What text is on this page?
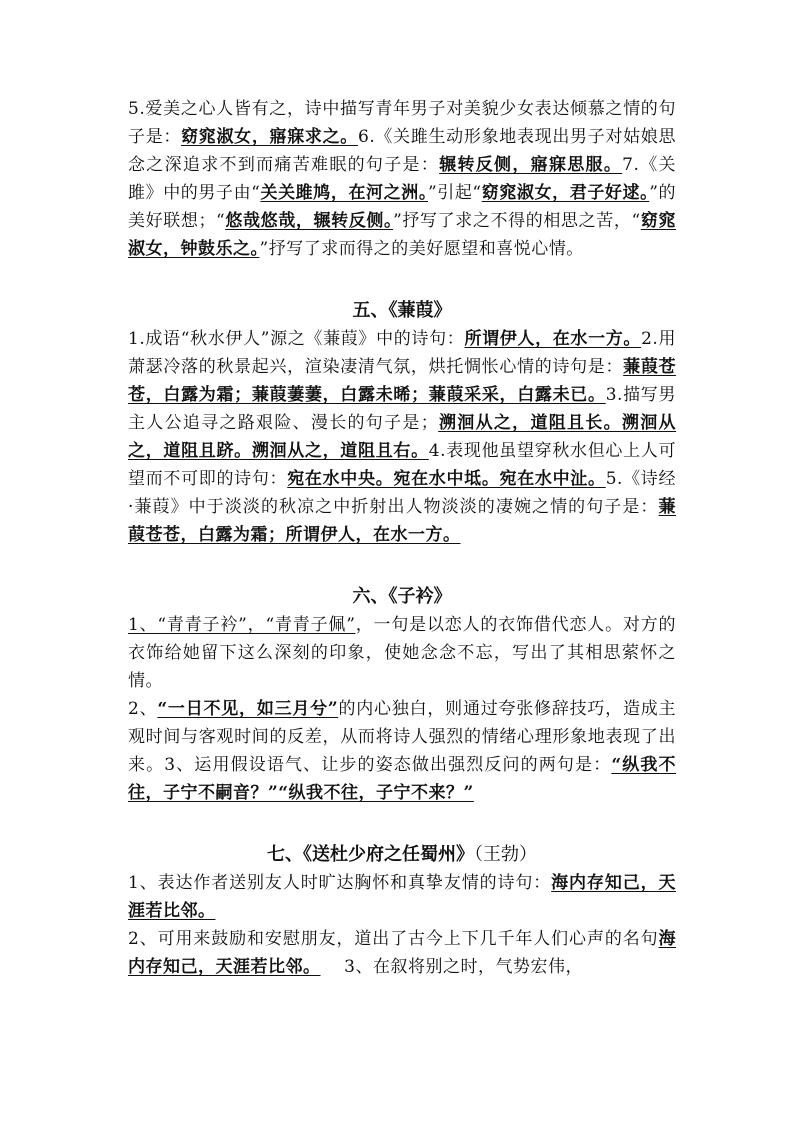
5.爱美之心人皆有之，诗中描写青年男子对美貌少女表达倾慕之情的句子是：窈窕淑女，寤寐求之。6.《关雎生动形象地表现出男子对姑娘思念之深追求不到而痛苦难眠的句子是：辗转反侧，寤寐思服。7.《关雎》中的男子由“关关雎鸠，在河之洲。”引起“窈窕淑女，君子好逑。”的美好联想；“悠哉悠哉，辗转反侧。”抒写了求之不得的相思之苦，“窈窕淑女，钟鼓乐之。”抒写了求而得之的美好愿望和喜悦心情。

五、《蒹葭》

1.成语“秋水伊人”源之《蒹葭》中的诗句：所谓伊人，在水一方。2.用萧瑟冷落的秋景起兴，渲染凄清气氛，烘托惆怅心情的诗句是：蒹葭苍苍，白露为霜；蒹葭萋萋，白露未晞；蒹葭采采，白露未已。3.描写男主人公追寻之路艰险、漫长的句子是；溯洄从之，道阻且长。溯洄从之，道阻且跻。溯洄从之，道阻且右。4.表现他虽望穿秋水但心上人可望而不可即的诗句：宛在水中央。宛在水中坻。宛在水中沚。5.《诗经·蒹葭》中于淡淡的秋凉之中折射出人物淡淡的凄婉之情的句子是：蒹葭苍苍，白露为霜；所谓伊人，在水一方。

六、《子衿》

1、“青青子衿”，“青青子佩”，一句是以恋人的衣饰借代恋人。对方的衣饰给她留下这么深刻的印象，使她念念不忘，写出了其相思萦怀之情。

2、“一日不见，如三月兮”的内心独白，则通过夸张修辞技巧，造成主观时间与客观时间的反差，从而将诗人强烈的情绪心理形象地表现了出来。3、运用假设语气、让步的姿态做出强烈反问的两句是：“纵我不往，子宁不嗣音？”“纵我不往，子宁不来？”

七、《送杜少府之任蜀州》（王勃）

1、表达作者送别友人时旷达胸怀和真挚友情的诗句：海内存知己，天涯若比邻。

2、可用来鼓励和安慰朋友，道出了古今上下几千年人们心声的名句海内存知己，天涯若比邻。 3、在叙将别之时，气势宏伟，
